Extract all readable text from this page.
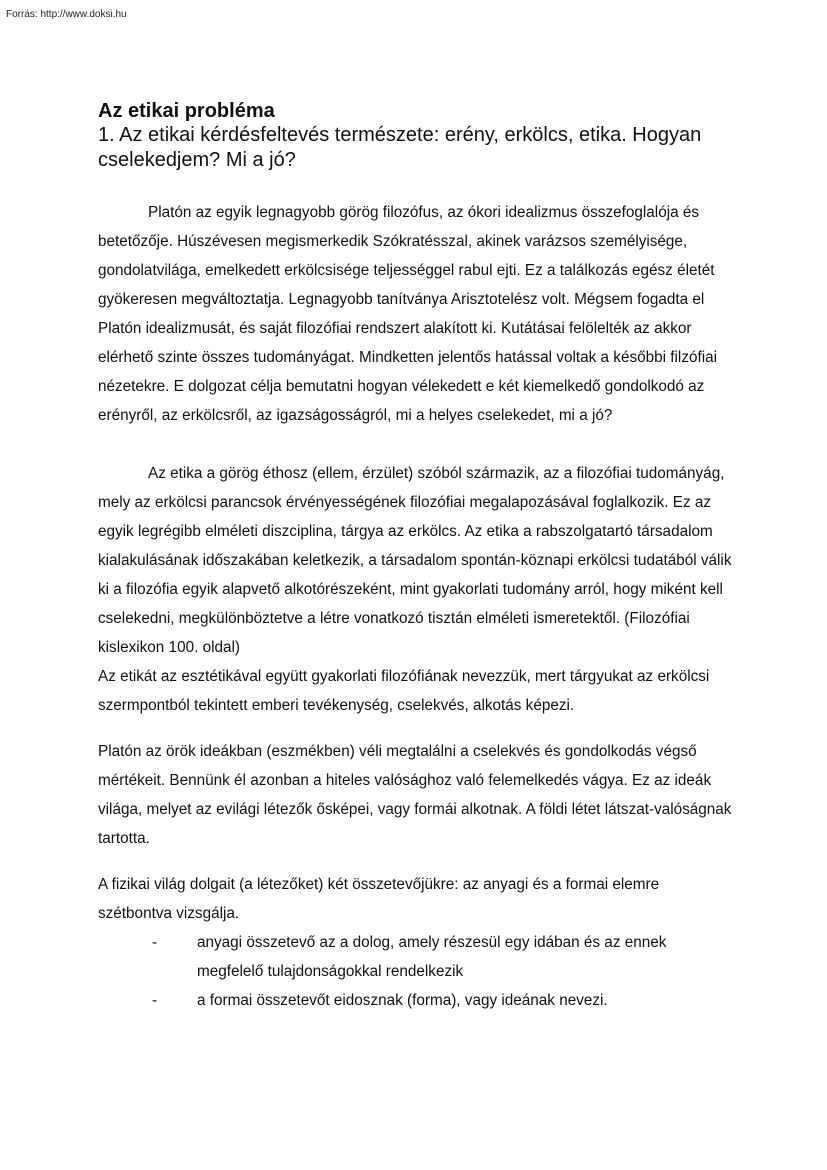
Forrás: http://www.doksi.hu
Az etikai probléma
1. Az etikai kérdésfeltevés természete: erény, erkölcs, etika. Hogyan cselekedjem? Mi a jó?

Platón az egyik legnagyobb görög filozófus, az ókori idealizmus összefoglalója és betetőzője. Húszévesen megismerkedik Szókratésszal, akinek varázsos személyisége, gondolatvilága, emelkedett erkölcsisége teljességgel rabul ejti. Ez a találkozás egész életét gyökeresen megváltoztatja. Legnagyobb tanítványa Arisztotelész volt. Mégsem fogadta el Platón idealizmusát, és saját filozófiai rendszert alakított ki. Kutátásai felölelték az akkor elérhető szinte összes tudományágat. Mindketten jelentős hatással voltak a későbbi filzófiai nézetekre. E dolgozat célja bemutatni hogyan vélekedett e két kiemelkedő gondolkodó az erényről, az erkölcsről, az igazságosságról, mi a helyes cselekedet, mi a jó?

Az etika a görög éthosz (ellem, érzület) szóból származik, az a filozófiai tudományág, mely az erkölcsi parancsok érvényességének filozófiai megalapozásával foglalkozik. Ez az egyik legrégibb elméleti diszciplina, tárgya az erkölcs. Az etika a rabszolgatartó társadalom kialakulásának időszakában keletkezik, a társadalom spontán-köznapi erkölcsi tudatából válik ki a filozófia egyik alapvető alkotórészeként, mint gyakorlati tudomány arról, hogy miként kell cselekedni, megkülönböztetve a létre vonatkozó tisztán elméleti ismeretektől. (Filozófiai kislexikon 100. oldal)

Az etikát az esztétikával együtt gyakorlati filozófiának nevezzük, mert tárgyukat az erkölcsi szermpontból tekintett emberi tevékenység, cselekvés, alkotás képezi.

Platón az örök ideákban (eszmékben) véli megtalálni a cselekvés és gondolkodás végső mértékeit. Bennünk él azonban a hiteles valósághoz való felemelkedés vágya. Ez az ideák világa, melyet az evilági létezők ősképei, vagy formái alkotnak. A földi létet látszat-valóságnak tartotta.

A fizikai világ dolgait (a létezőket) két összetevőjükre: az anyagi és a formai elemre szétbontva vizsgálja.

-	anyagi összetevő az a dolog, amely részesül egy idában és az ennek megfelelő tulajdonságokkal rendelkezik
-	a formai összetevőt eidosznak (forma), vagy ideának nevezi.
